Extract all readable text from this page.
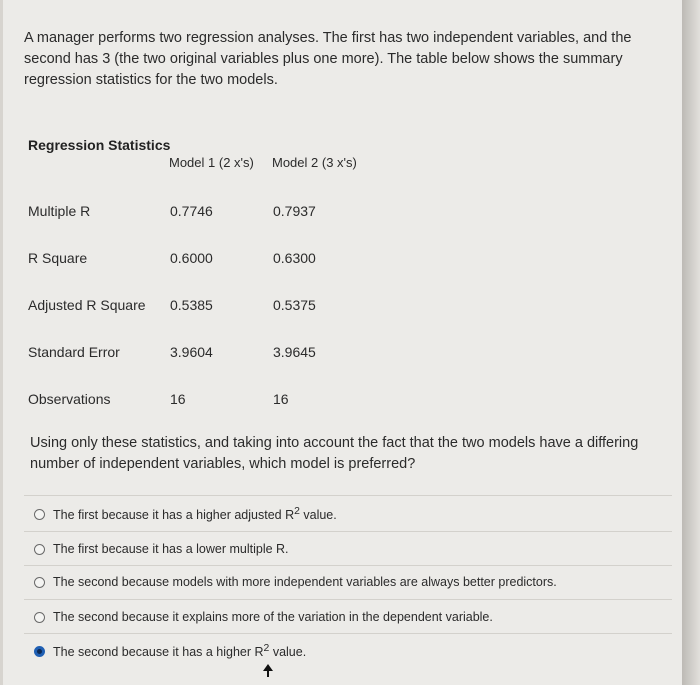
A manager performs two regression analyses. The first has two independent variables, and the second has 3 (the two original variables plus one more). The table below shows the summary regression statistics for the two models.
Regression Statistics
Model 1 (2 x's) Model 2 (3 x's)
Multiple R	0.7746	0.7937
R Square	0.6000	0.6300
Adjusted R Square 0.5385	0.5375
Standard Error	3.9604	3.9645
Observations	16	16
Using only these statistics, and taking into account the fact that the two models have a differing number of independent variables, which model is preferred?
The first because it has a higher adjusted $R^2$ value.
The first because it has a lower multiple R.
The second because models with more independent variables are always better predictors.
The second because it explains more of the variation in the dependent variable.
The second because it has a higher $R^2$ value.
